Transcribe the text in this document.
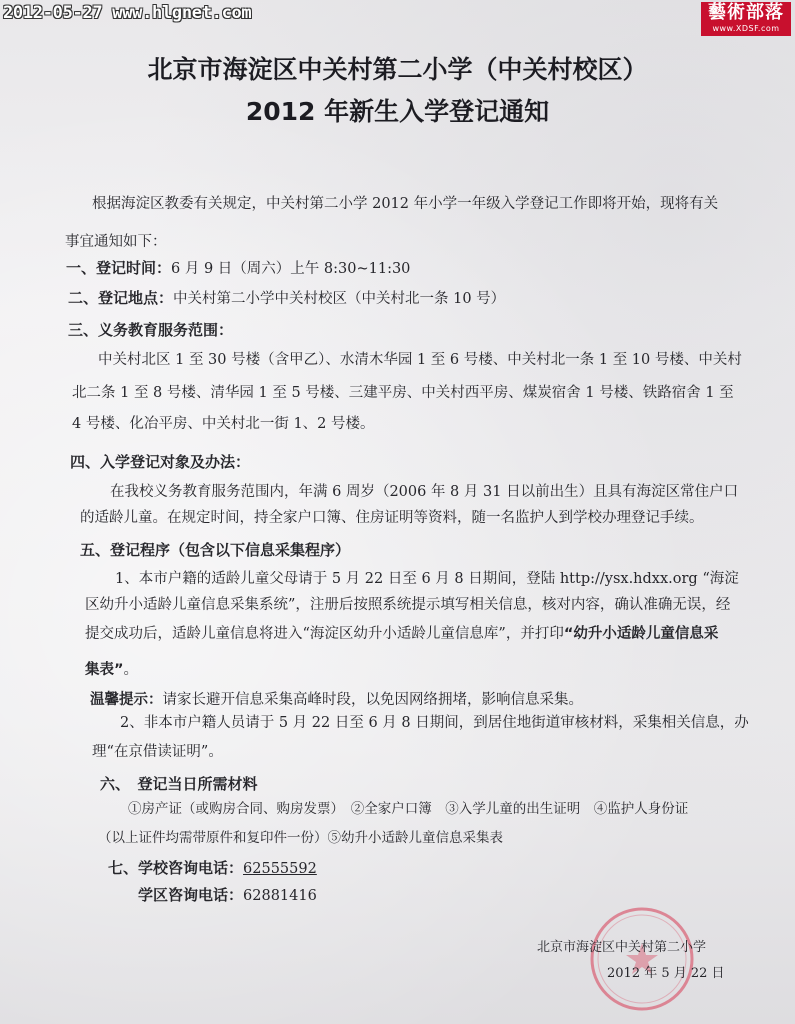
2012-05-27 www.hlgnet.com	藝術部落
www.XDSF.com
北京市海淀区中关村第二小学（中关村校区）
2012 年新生入学登记通知

根据海淀区教委有关规定，中关村第二小学 2012 年小学一年级入学登记工作即将开始，现将有关

事宜通知如下：

一、登记时间：6 月 9 日（周六）上午 8:30~11:30

二、登记地点：中关村第二小学中关村校区（中关村北一条 10 号）

三、义务教育服务范围：

中关村北区 1 至 30 号楼（含甲乙）、水清木华园 1 至 6 号楼、中关村北一条 1 至 10 号楼、中关村

北二条 1 至 8 号楼、清华园 1 至 5 号楼、三建平房、中关村西平房、煤炭宿舍 1 号楼、铁路宿舍 1 至

4 号楼、化冶平房、中关村北一街 1、2 号楼。

四、入学登记对象及办法：

在我校义务教育服务范围内，年满 6 周岁（2006 年 8 月 31 日以前出生）且具有海淀区常住户口

的适龄儿童。在规定时间，持全家户口簿、住房证明等资料，随一名监护人到学校办理登记手续。

五、登记程序（包含以下信息采集程序）

1、本市户籍的适龄儿童父母请于 5 月 22 日至 6 月 8 日期间，登陆 http://ysx.hdxx.org “海淀

区幼升小适龄儿童信息采集系统”，注册后按照系统提示填写相关信息，核对内容，确认准确无误，经

提交成功后，适龄儿童信息将进入“海淀区幼升小适龄儿童信息库”，并打印“幼升小适龄儿童信息采

集表”。

温馨提示：请家长避开信息采集高峰时段，以免因网络拥堵，影响信息采集。

2、非本市户籍人员请于 5 月 22 日至 6 月 8 日期间，到居住地街道审核材料，采集相关信息，办

理“在京借读证明”。

六、　登记当日所需材料

①房产证（或购房合同、购房发票）　②全家户口簿　③入学儿童的出生证明　④监护人身份证

（以上证件均需带原件和复印件一份）⑤幼升小适龄儿童信息采集表

七、学校咨询电话：62555592

学区咨询电话：62881416

北京市海淀区中关村第二小学

2012 年 5 月 22 日
